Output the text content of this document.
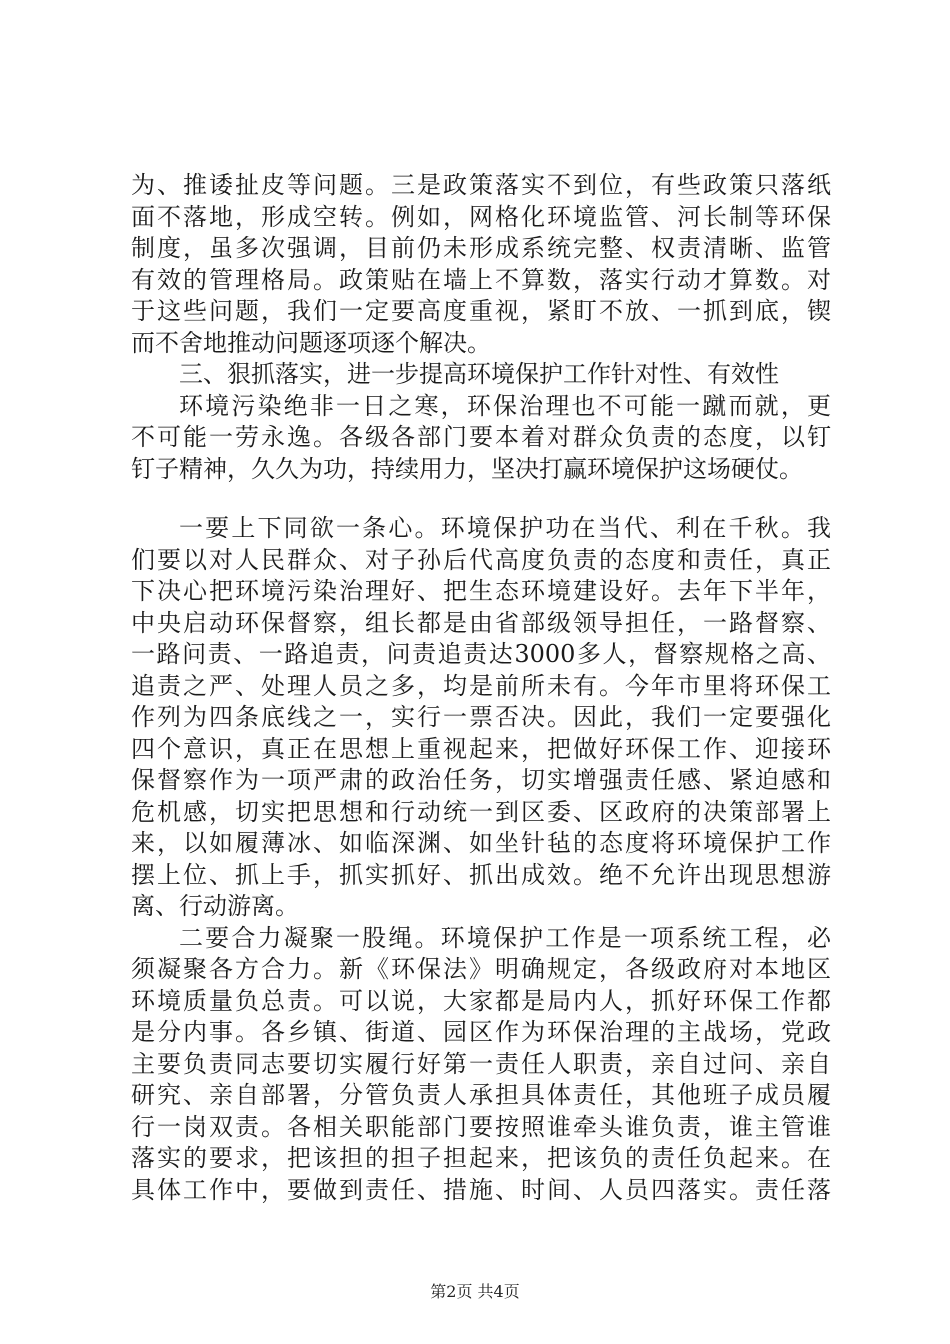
为、推诿扯皮等问题。三是政策落实不到位，有些政策只落纸
面不落地，形成空转。例如，网格化环境监管、河长制等环保
制度，虽多次强调，目前仍未形成系统完整、权责清晰、监管
有效的管理格局。政策贴在墙上不算数，落实行动才算数。对
于这些问题，我们一定要高度重视，紧盯不放、一抓到底，锲
而不舍地推动问题逐项逐个解决。
三、狠抓落实，进一步提高环境保护工作针对性、有效性
环境污染绝非一日之寒，环保治理也不可能一蹴而就，更
不可能一劳永逸。各级各部门要本着对群众负责的态度，以钉
钉子精神，久久为功，持续用力，坚决打赢环境保护这场硬仗。
一要上下同欲一条心。环境保护功在当代、利在千秋。我
们要以对人民群众、对子孙后代高度负责的态度和责任，真正
下决心把环境污染治理好、把生态环境建设好。去年下半年，
中央启动环保督察，组长都是由省部级领导担任，一路督察、
一路问责、一路追责，问责追责达3000多人，督察规格之高、
追责之严、处理人员之多，均是前所未有。今年市里将环保工
作列为四条底线之一，实行一票否决。因此，我们一定要强化
四个意识，真正在思想上重视起来，把做好环保工作、迎接环
保督察作为一项严肃的政治任务，切实增强责任感、紧迫感和
危机感，切实把思想和行动统一到区委、区政府的决策部署上
来，以如履薄冰、如临深渊、如坐针毡的态度将环境保护工作
摆上位、抓上手，抓实抓好、抓出成效。绝不允许出现思想游
离、行动游离。
二要合力凝聚一股绳。环境保护工作是一项系统工程，必
须凝聚各方合力。新《环保法》明确规定，各级政府对本地区
环境质量负总责。可以说，大家都是局内人，抓好环保工作都
是分内事。各乡镇、街道、园区作为环保治理的主战场，党政
主要负责同志要切实履行好第一责任人职责，亲自过问、亲自
研究、亲自部署，分管负责人承担具体责任，其他班子成员履
行一岗双责。各相关职能部门要按照谁牵头谁负责，谁主管谁
落实的要求，把该担的担子担起来，把该负的责任负起来。在
具体工作中，要做到责任、措施、时间、人员四落实。责任落
第2页 共4页
